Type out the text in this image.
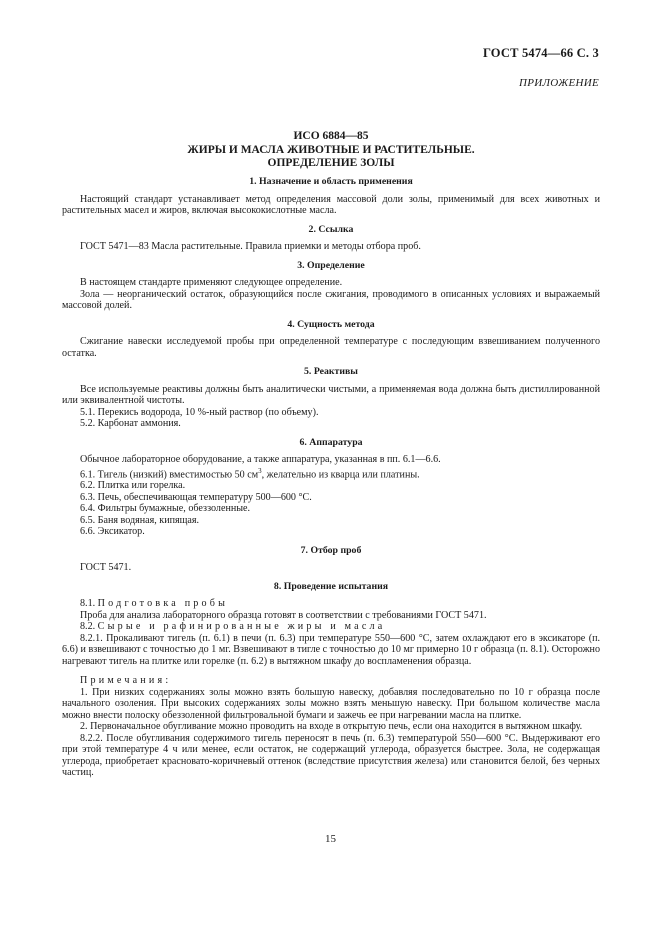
ГОСТ 5474—66 С. 3
ПРИЛОЖЕНИЕ
ИСО 6884—85
ЖИРЫ И МАСЛА ЖИВОТНЫЕ И РАСТИТЕЛЬНЫЕ.
ОПРЕДЕЛЕНИЕ ЗОЛЫ
1. Назначение и область применения

Настоящий стандарт устанавливает метод определения массовой доли золы, применимый для всех животных и растительных масел и жиров, включая высококислотные масла.

2. Ссылка

ГОСТ 5471—83 Масла растительные. Правила приемки и методы отбора проб.

3. Определение

В настоящем стандарте применяют следующее определение.

Зола — неорганический остаток, образующийся после сжигания, проводимого в описанных условиях и выражаемый массовой долей.

4. Сущность метода

Сжигание навески исследуемой пробы при определенной температуре с последующим взвешиванием полученного остатка.

5. Реактивы

Все используемые реактивы должны быть аналитически чистыми, а применяемая вода должна быть дистиллированной или эквивалентной чистоты.

5.1. Перекись водорода, 10 %-ный раствор (по объему).

5.2. Карбонат аммония.

6. Аппаратура

Обычное лабораторное оборудование, а также аппаратура, указанная в пп. 6.1—6.6.

6.1. Тигель (низкий) вместимостью 50 $см^3$, желательно из кварца или платины.

6.2. Плитка или горелка.

6.3. Печь, обеспечивающая температуру 500—600 °С.

6.4. Фильтры бумажные, обеззоленные.

6.5. Баня водяная, кипящая.

6.6. Эксикатор.

7. Отбор проб

ГОСТ 5471.

8. Проведение испытания

8.1. Подготовка пробы

Проба для анализа лабораторного образца готовят в соответствии с требованиями ГОСТ 5471.

8.2. Сырые и рафинированные жиры и масла

8.2.1. Прокаливают тигель (п. 6.1) в печи (п. 6.3) при температуре 550—600 °С, затем охлаждают его в эксикаторе (п. 6.6) и взвешивают с точностью до 1 мг. Взвешивают в тигле с точностью до 10 мг примерно 10 г образца (п. 8.1). Осторожно нагревают тигель на плитке или горелке (п. 6.2) в вытяжном шкафу до воспламенения образца.

Примечания:

1. При низких содержаниях золы можно взять большую навеску, добавляя последовательно по 10 г образца после начального озоления. При высоких содержаниях золы можно взять меньшую навеску. При большом количестве масла можно внести полоску обеззоленной фильтровальной бумаги и зажечь ее при нагревании масла на плитке.

2. Первоначальное обугливание можно проводить на входе в открытую печь, если она находится в вытяжном шкафу.

8.2.2. После обугливания содержимого тигель переносят в печь (п. 6.3) температурой 550—600 °С. Выдерживают его при этой температуре 4 ч или менее, если остаток, не содержащий углерода, образуется быстрее. Зола, не содержащая углерода, приобретает красновато-коричневый оттенок (вследствие присутствия железа) или становится белой, без черных частиц.

15
